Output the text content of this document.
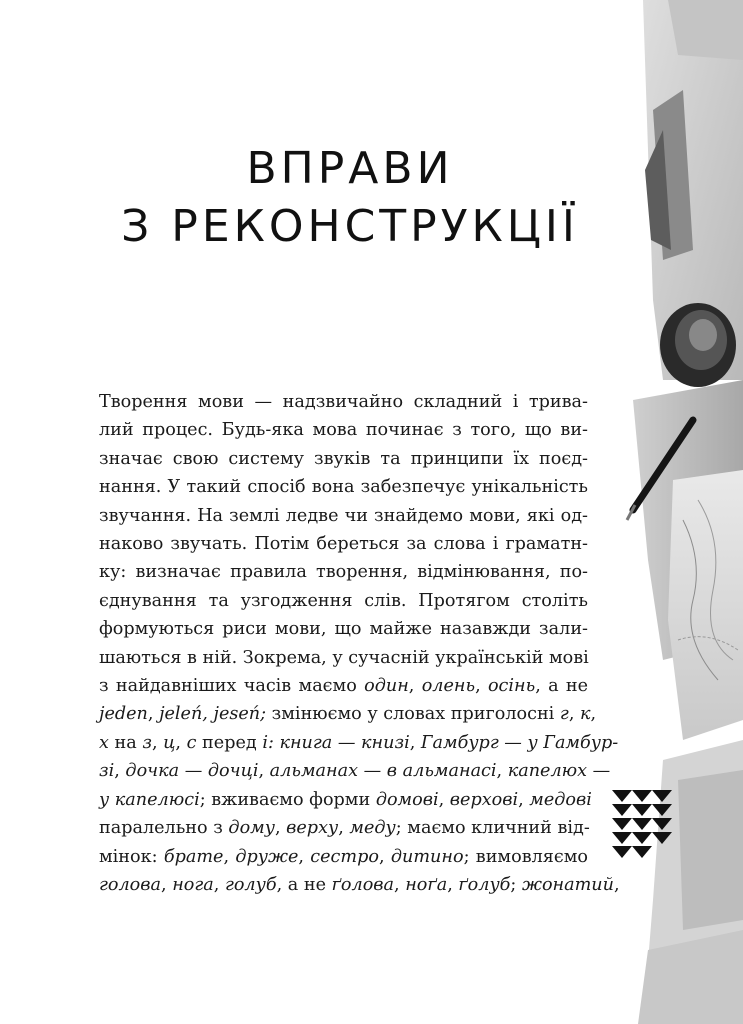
ВПРАВИ
З РЕКОНСТРУКЦІЇ
Творення мови — надзвичайно складний і трива-
лий процес. Будь-яка мова починає з того, що ви-
значає свою систему звуків та принципи їх поєд-
нання. У такий спосіб вона забезпечує унікальність
звучання. На землі ледве чи знайдемо мови, які од-
наково звучать. Потім береться за слова і граматн-
ку: визначає правила творення, відмінювання, по-
єднування та узгодження слів. Протягом століть
формуються риси мови, що майже назавжди зали-
шаються в ній. Зокрема, у сучасній українській мові
з найдавніших часів маємо один, олень, осінь, а не
jeden, jeleń, jeseń; змінюємо у словах приголосні г, к,
х на з, ц, с перед і: книга — книзі, Гамбург — у Гамбур-
зі, дочка — дочці, альманах — в альманасі, капелюх —
у капелюсі; вживаємо форми домові, верхові, медові
паралельно з дому, верху, меду; маємо кличний від-
мінок: брате, друже, сестро, дитино; вимовляємо
голова, нога, голуб, а не ґолова, ноґа, ґолуб; жонатий,
